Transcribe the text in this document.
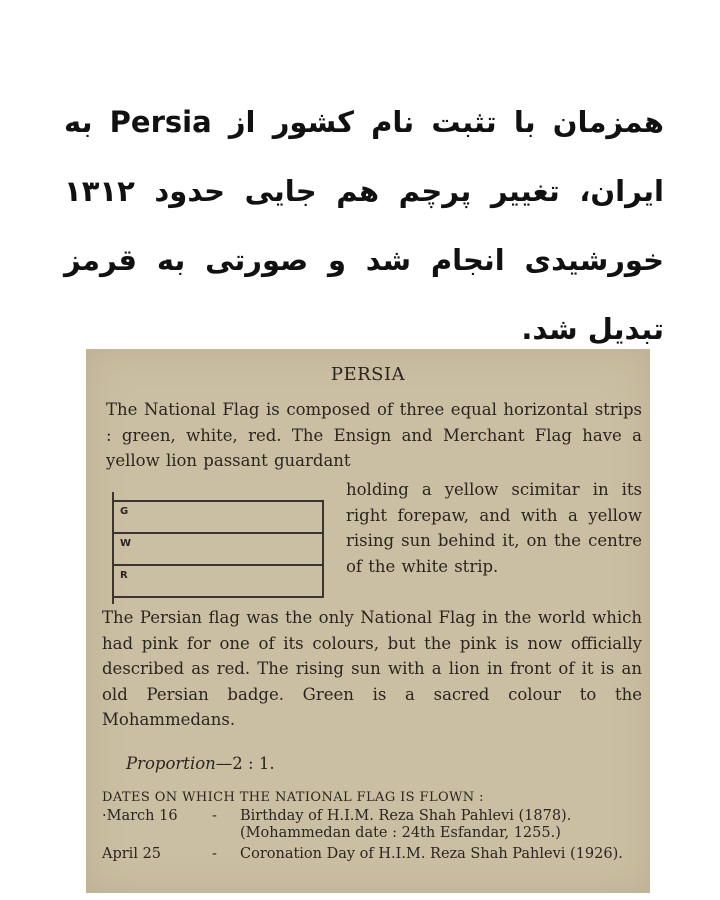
همزمان با تثبت نام کشور از Persia به ایران، تغییر پرچم هم جایی حدود ۱۳۱۲ خورشیدی انجام شد و صورتی به قرمز تبدیل شد.
PERSIA
The National Flag is composed of three equal horizontal strips : green, white, red. The Ensign and Merchant Flag have a yellow lion passant guardant
G
W
R
holding a yellow scimitar in its right forepaw, and with a yellow rising sun behind it, on the centre of the white strip.
The Persian flag was the only National Flag in the world which had pink for one of its colours, but the pink is now officially described as red. The rising sun with a lion in front of it is an old Persian badge. Green is a sacred colour to the Mohammedans.
Proportion—2 : 1.
DATES ON WHICH THE NATIONAL FLAG IS FLOWN :
·March 16 - Birthday of H.I.M. Reza Shah Pahlevi (1878). (Mohammedan date : 24th Esfandar, 1255.)
April 25	- Coronation Day of H.I.M. Reza Shah Pahlevi (1926).
